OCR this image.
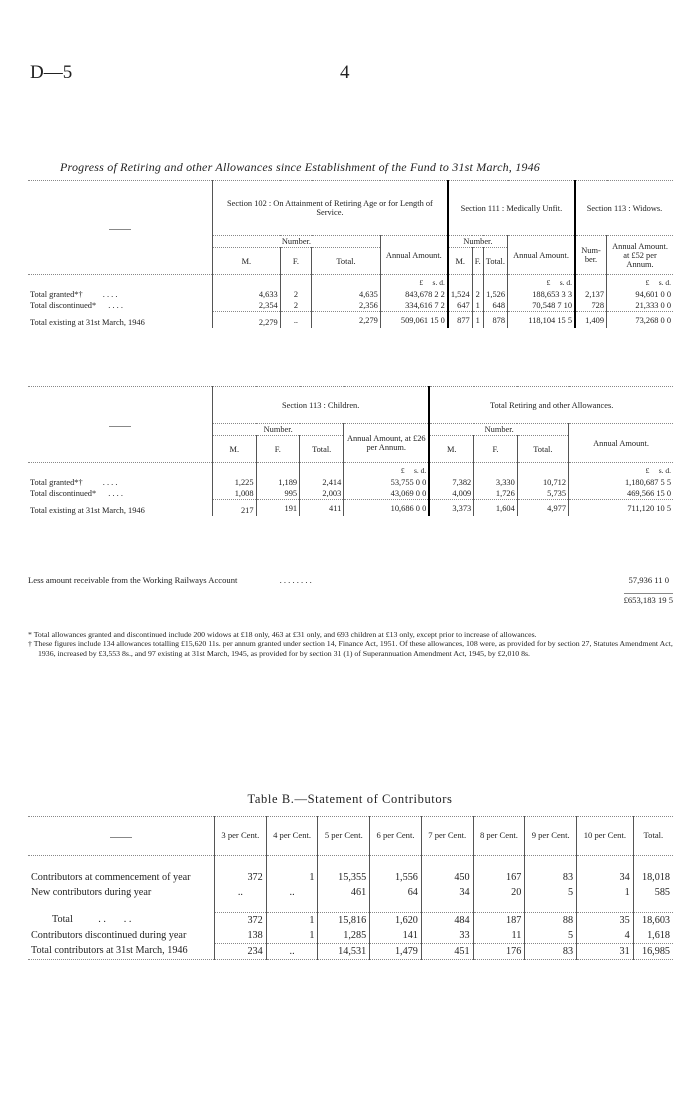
D—5	4
Progress of Retiring and other Allowances since Establishment of the Fund to 31st March, 1946
	Section 102 : On Attainment of Retiring Age or for Length of Service.				Section 111 : Medically Unfit.				Section 113 : Widows.	
	Number.			Annual Amount.	Number.			Annual Amount.	Num- ber.	Annual Amount. at £52 per Annum.
	M.	F.	Total.		M.	F.	Total.			
				£ s. d.				£ s. d.		£ s. d.
Total granted*† . . . .	4,633	2	4,635	843,678 2 2	1,524	2	1,526	188,653 3 3	2,137	94,601 0 0
Total discontinued* . . . .	2,354	2	2,356	334,616 7 2	647	1	648	70,548 7 10	728	21,333 0 0
Total existing at 31st March, 1946	2,279	..	2,279	509,061 15 0	877	1	878	118,104 15 5	1,409	73,268 0 0
	Section 113 : Children.				Total Retiring and other Allowances.			
	Number.			Annual Amount, at £26 per Annum.	Number.			Annual Amount.
	M.	F.	Total.		M.	F.	Total.	
				£ s. d.				£ s. d.
Total granted*† . . . .	1,225	1,189	2,414	53,755 0 0	7,382	3,330	10,712	1,180,687 5 5
Total discontinued* . . . .	1,008	995	2,003	43,069 0 0	4,009	1,726	5,735	469,566 15 0
Total existing at 31st March, 1946	217	191	411	10,686 0 0	3,373	1,604	4,977	711,120 10 5
Less amount receivable from the Working Railways Account	. . . . . . . .	57,936 11 0
£653,183 19 5

* Total allowances granted and discontinued include 200 widows at £18 only, 463 at £31 only, and 693 children at £13 only, except prior to increase of allowances.

† These figures include 134 allowances totalling £15,620 11s. per annum granted under section 14, Finance Act, 1951. Of these allowances, 108 were, as provided for by section 27, Statutes Amendment Act, 1936, increased by £3,553 8s., and 97 existing at 31st March, 1945, as provided for by section 31 (1) of Superannuation Amendment Act, 1945, by £2,010 8s.

Table B.—Statement of Contributors
	3 per Cent.	4 per Cent.	5 per Cent.	6 per Cent.	7 per Cent.	8 per Cent.	9 per Cent.	10 per Cent.	Total.

Contributors at commencement of year	372	1	15,355	1,556	450	167	83	34	18,018
New contributors during year	..	..	461	64	34	20	5	1	585

Total          . .       . .	372	1	15,816	1,620	484	187	88	35	18,603
Contributors discontinued during year	138	1	1,285	141	33	11	5	4	1,618
Total contributors at 31st March, 1946	234	..	14,531	1,479	451	176	83	31	16,985
